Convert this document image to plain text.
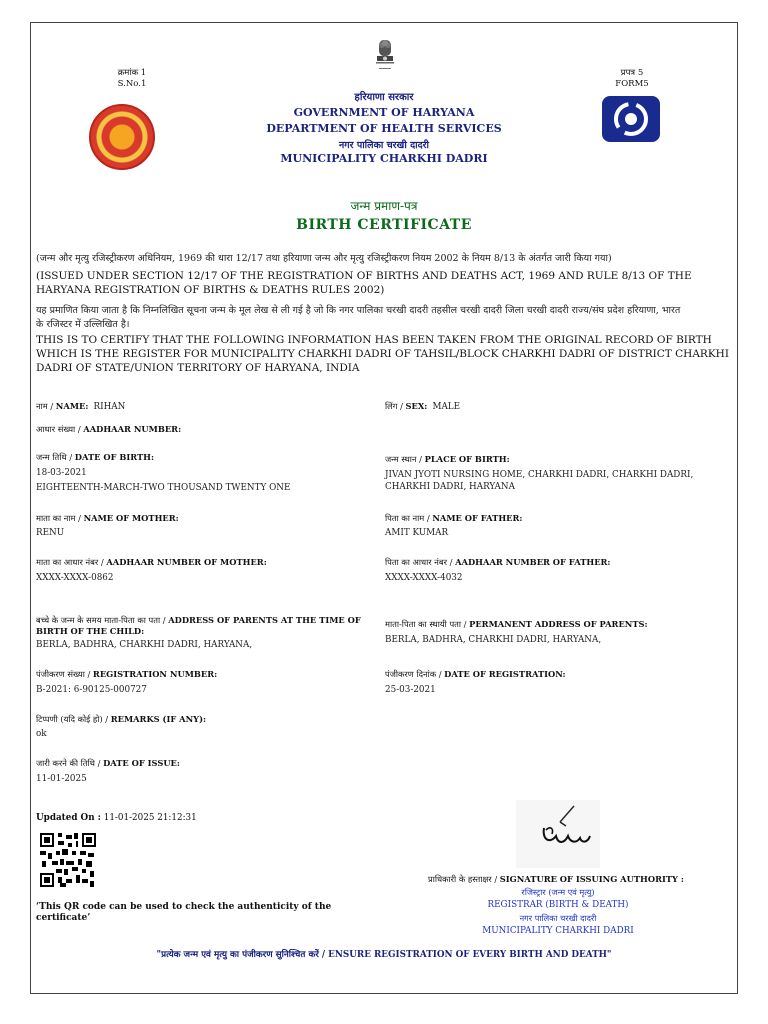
क्रमांक 1
S.No.1
प्रपत्र 5
FORM5
हरियाणा सरकार
GOVERNMENT OF HARYANA
DEPARTMENT OF HEALTH SERVICES
नगर पालिका चरखी दादरी
MUNICIPALITY CHARKHI DADRI
जन्म प्रमाण-पत्र
BIRTH CERTIFICATE
(जन्म और मृत्यु रजिस्ट्रीकरण अधिनियम, 1969 की धारा 12/17 तथा हरियाणा जन्म और मृत्यु रजिस्ट्रीकरण नियम 2002 के नियम 8/13 के अंतर्गत जारी किया गया)
(ISSUED UNDER SECTION 12/17 OF THE REGISTRATION OF BIRTHS AND DEATHS ACT, 1969 AND RULE 8/13 OF THE
HARYANA REGISTRATION OF BIRTHS & DEATHS RULES 2002)
यह प्रमाणित किया जाता है कि निम्नलिखित सूचना जन्म के मूल लेख से ली गई है जो कि नगर पालिका चरखी दादरी तहसील चरखी दादरी जिला चरखी दादरी राज्य/संघ प्रदेश हरियाणा, भारत
के रजिस्टर में उल्लिखित है।
THIS IS TO CERTIFY THAT THE FOLLOWING INFORMATION HAS BEEN TAKEN FROM THE ORIGINAL RECORD OF BIRTH
WHICH IS THE REGISTER FOR MUNICIPALITY CHARKHI DADRI OF TAHSIL/BLOCK CHARKHI DADRI OF DISTRICT CHARKHI
DADRI OF STATE/UNION TERRITORY OF HARYANA, INDIA
नाम / NAME: RIHAN	लिंग / SEX: MALE
आधार संख्या / AADHAAR NUMBER:
जन्म तिथि / DATE OF BIRTH:
18-03-2021
EIGHTEENTH-MARCH-TWO THOUSAND TWENTY ONE
जन्म स्थान / PLACE OF BIRTH:
JIVAN JYOTI NURSING HOME, CHARKHI DADRI, CHARKHI DADRI,
CHARKHI DADRI, HARYANA
माता का नाम / NAME OF MOTHER:
RENU
पिता का नाम / NAME OF FATHER:
AMIT KUMAR
माता का आधार नंबर / AADHAAR NUMBER OF MOTHER:
XXXX-XXXX-0862
पिता का आधार नंबर / AADHAAR NUMBER OF FATHER:
XXXX-XXXX-4032
बच्चे के जन्म के समय माता-पिता का पता / ADDRESS OF PARENTS AT THE TIME OF
BIRTH OF THE CHILD:
BERLA, BADHRA, CHARKHI DADRI, HARYANA,
माता-पिता का स्थायी पता / PERMANENT ADDRESS OF PARENTS:
BERLA, BADHRA, CHARKHI DADRI, HARYANA,
पंजीकरण संख्या / REGISTRATION NUMBER:
B-2021: 6-90125-000727
पंजीकरण दिनांक / DATE OF REGISTRATION:
25-03-2021
टिप्पणी (यदि कोई हो) / REMARKS (IF ANY):
ok
जारी करने की तिथि / DATE OF ISSUE:
11-01-2025
Updated On : 11-01-2025 21:12:31
‘This QR code can be used to check the authenticity of the
certificate’
प्राधिकारी के हस्ताक्षर / SIGNATURE OF ISSUING AUTHORITY :
रजिस्ट्रार (जन्म एवं मृत्यु)
REGISTRAR (BIRTH & DEATH)
नगर पालिका चरखी दादरी
MUNICIPALITY CHARKHI DADRI
"प्रत्येक जन्म एवं मृत्यु का पंजीकरण सुनिश्चित करें / ENSURE REGISTRATION OF EVERY BIRTH AND DEATH"
